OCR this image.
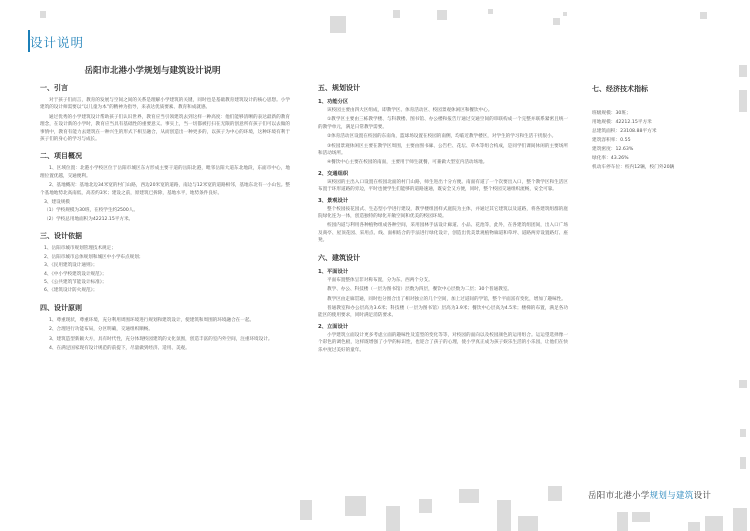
设计说明
岳阳市北港小学规划与建筑设计说明
一、引言

对于孩子们而言，教育的发展与空间之间的关系是理解小学建筑的关键，同时也是基础教育建筑设计的核心思想。小学建筑的设计师需要以“以儿童为本”的精神为指导，来表达优质要素、教育和成就感。

通过优秀的小学建筑设计帮助孩子们认识世界，教育应当引领建筑去到这样一种高度：他们能够清晰的表达最新的教育理念，在设计新的小学时，教育应当具有基础性的重要意义。事实上，当一切都被打扫在无限的创意所有孩子们可以去做的事情中，教育有能力去建筑在一种兴生的形式下相互融合，从而创造出一种更多的，以孩子为中心的环境，这种环境有利于孩子们的身心的学习与成长。

二、项目概况

1、区域位置：北港小学校区位于岳阳市城区东方形成主要干道的岳阳北港，毗邻岳阳大道东北地段，东面市中心，地理位置优越，交通便利。

2、基地概况：基地北边34米宽的村门山路，西边20米宽的道路，南边与12米宽的道路相邻，基地东北有一小山包。整个基地地势北高南低，高差约3米；建设之前，原建筑已拆除，基地水平，地势条件良好。

3、建设规模
（1）学校规模为30班，在校学生约2500人。
（2）学校总用地面积为42212.15平方米。
三、设计依据
1、岳阳市城市规划管理技术规定；
2、岳阳市城市总体规划和城区中小学布点规划；
3、《民用建筑设计通则》；
4、《中小学校建筑设计规范》；
5、《公共建筑节能设计标准》；
6、《建筑设计防火规范》；
四、设计原则

1、尊重现状，尊重环境，充分利用周围环境进行规划和建筑设计，使建筑和周围的环境融合在一起。

2、合理进行功能布局，分区明确，交通组织顺畅。

3、建筑造型新颖大方，具有时代性，充分体现校园建筑的文化氛围，创造丰富的室内外空间，注重环境设计。

4、在满足国家现有设计规范的前提下，尽量做到经济、适用、美观。

五、规划设计
1、功能分区

该校园主要由四大区组成，即教学区、体育活动区、校园景观休闲区和餐饮中心。

①教学区主要由三栋教学楼、与科教楼、图书馆、办公楼和报告厅通过交通空间的串联构成一个完整并联系紧密且统一的教学单元，满足日常教学需要。

②体育活动区设置在校园的东南角，篮球场设置在校园的南侧，均临近教学楼区，对学生的学习和生活干扰很小。

③校园景观休闲区主要在教学区周围，主要由图书廊、公告栏、花坛、草木等组合构成，是同学们课间休闲的主要场所和活动场所。

④餐饮中心主要在校园的南面，主要用于师生就餐，可兼做大型室内活动场地。

2、交通组织

该校园的主出入口设置在校园北面的村门山路，师生进出十分方便。南面有道了一个次要出入口，整个教学区和生活区布置于环形道路的旁边，平时也便学生们能够的道路速通，既安全又方便，同时，整个校园交通组织流畅，安全可靠。

3、景观设计

整个校园按花园式、生态型小学进行建设，教学楼组团样式庭院为主体，并通过其它建筑以及道路，将各建筑组群的庭院绿化连为一体，创造独特的绿化开敞空间和优美的校园环境。

校园内道与利用各种植物组成各种空间，采用园林手法设计廊道、小品、花池等，此外，在各建筑组团间，出入口广场及商亭、屋顶花园、采用点、线、面相结合的手法进行绿化设计，创造出优美景观植物廊道和草坪、道路两旁设置路灯、座凳。

六、建筑设计
1、平面设计

平面布置整体呈非对称布置，分为东、西两个分支。

教学、办公、科技楼（一层为图书馆）层数为四层，餐饮中心层数为二层；30个普通教室。

教学区由走廊贯通，同时也分围合出了相对独立的几个空间，加上过道间的学馆，整个平面富有变化，增加了趣味性。

普通教室和办公层高为3.6米；科技楼（一层为图书馆）层高为3.9米；餐饮中心层高为4.5米；楼梯的布置，满足各功能区的使用要求，同时满足消防要求。

2、立面设计

小学建筑立面设计更多考虑立面的趣味性及造型的变化等等，对校园的面向以及校园颜色的运用组合。运运望选择像一个彩色的调色板，这样既增强了小学的标识性，也迎合了孩子的心理，使小学真正成为孩子娱乐生活的小乐园，让他们在快乐中度过美好的童年。

七、经济技术指标
班级规模：30班；
用地规模：42212.15平方米
总建筑面积：23108.88平方米
建筑容积率：0.55
建筑密度：12.63%
绿化率：43.26%
机动车停车位：校内12辆，校门外20辆
岳阳市北港小学规划与建筑设计
